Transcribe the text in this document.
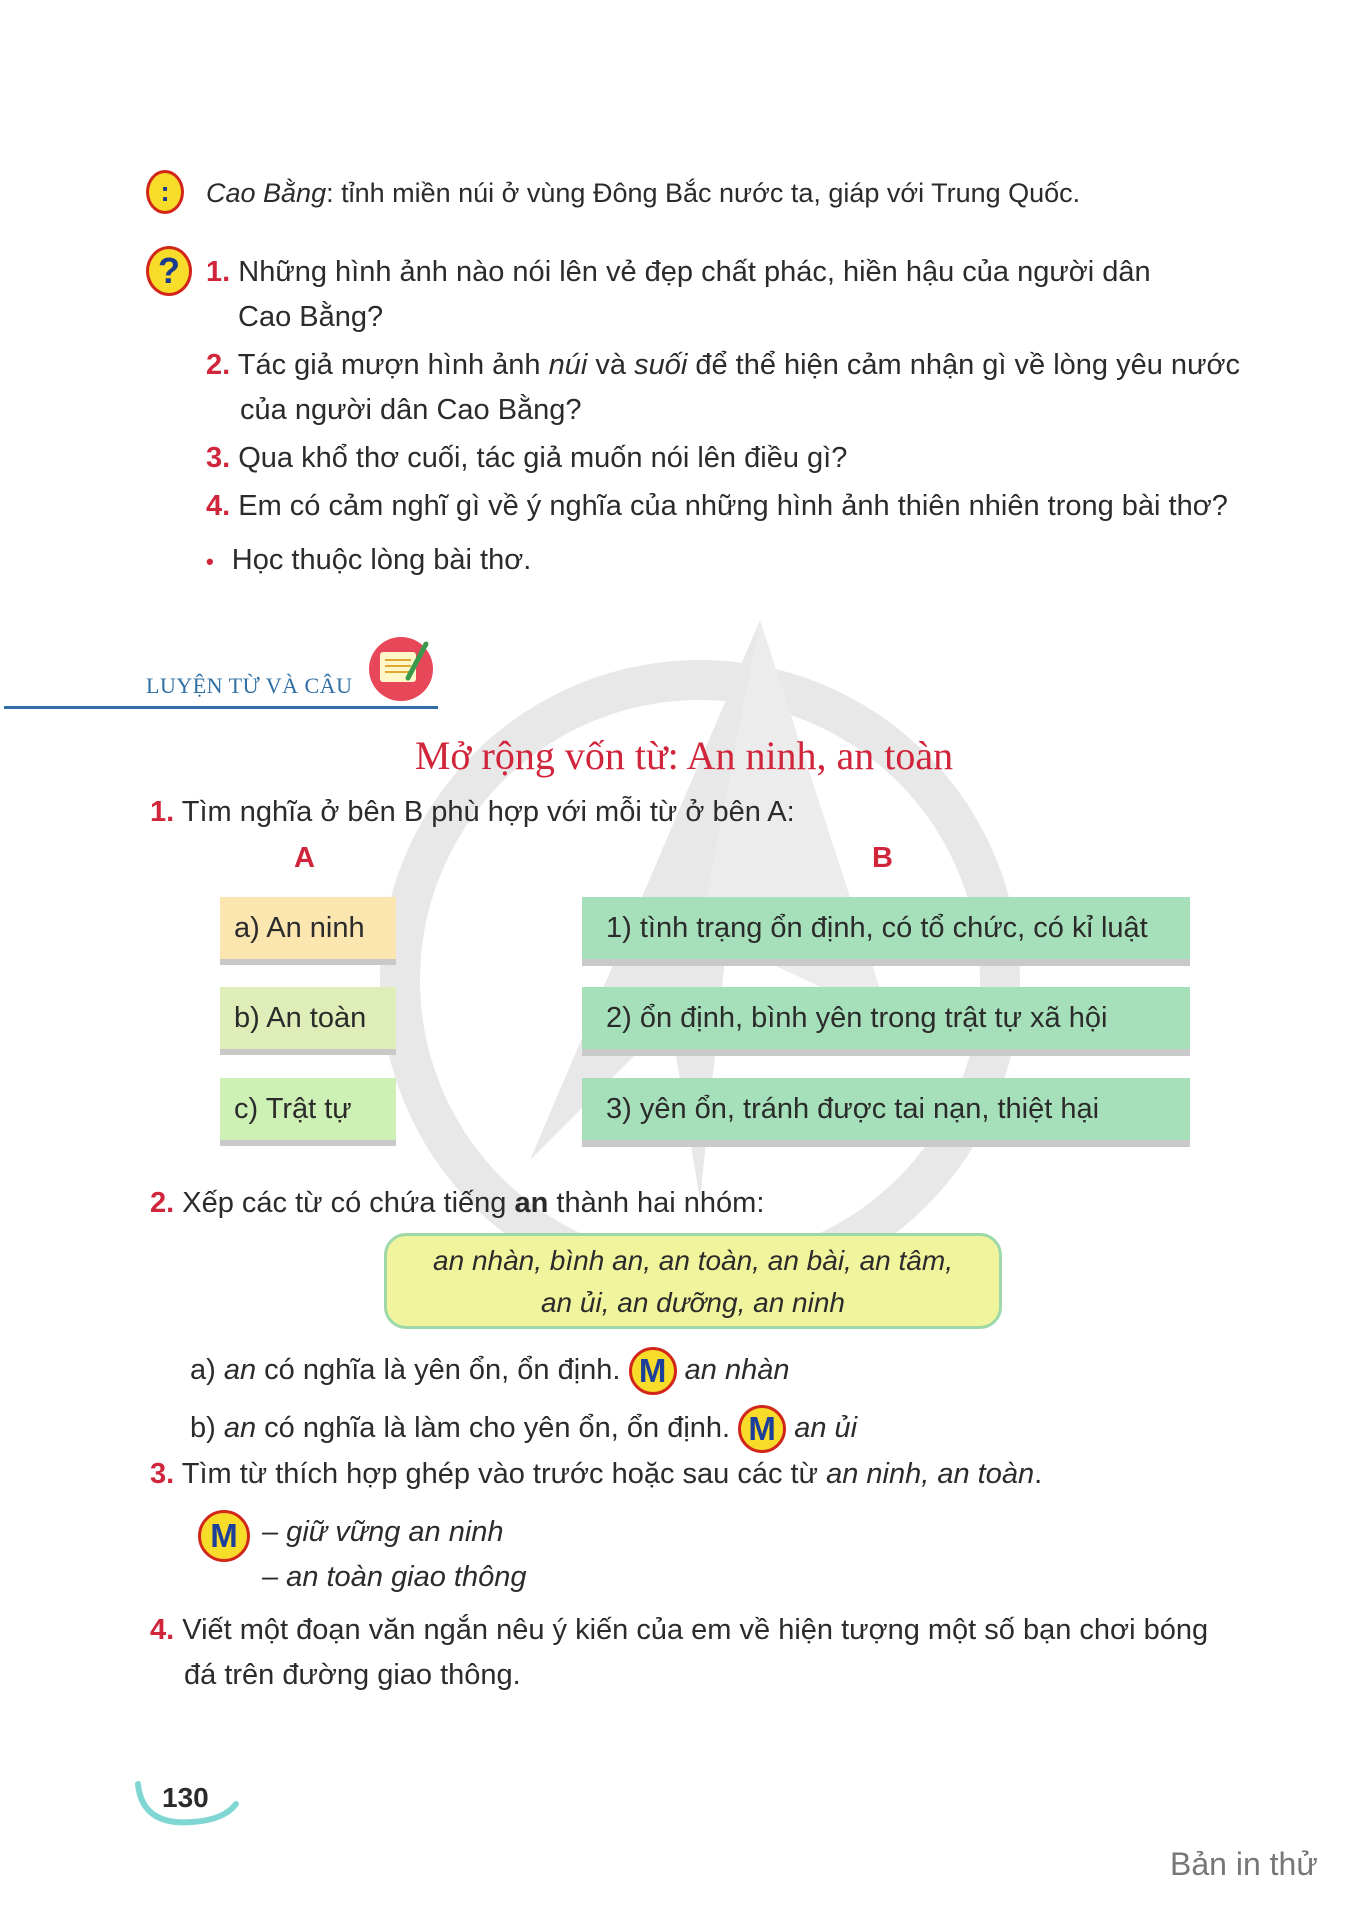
:	Cao Bằng: tỉnh miền núi ở vùng Đông Bắc nước ta, giáp với Trung Quốc.
? 1. Những hình ảnh nào nói lên vẻ đẹp chất phác, hiền hậu của người dân
Cao Bằng?
2. Tác giả mượn hình ảnh núi và suối để thể hiện cảm nhận gì về lòng yêu nước
của người dân Cao Bằng?
3. Qua khổ thơ cuối, tác giả muốn nói lên điều gì?
4. Em có cảm nghĩ gì về ý nghĩa của những hình ảnh thiên nhiên trong bài thơ?
• Học thuộc lòng bài thơ.
LUYỆN TỪ VÀ CÂU
Mở rộng vốn từ: An ninh, an toàn
1. Tìm nghĩa ở bên B phù hợp với mỗi từ ở bên A:
A	B
a) An ninh
b) An toàn
c) Trật tự
1) tình trạng ổn định, có tổ chức, có kỉ luật
2) ổn định, bình yên trong trật tự xã hội
3) yên ổn, tránh được tai nạn, thiệt hại
2. Xếp các từ có chứa tiếng an thành hai nhóm:
an nhàn, bình an, an toàn, an bài, an tâm,
an ủi, an dưỡng, an ninh
a) an có nghĩa là yên ổn, ổn định. M an nhàn
b) an có nghĩa là làm cho yên ổn, ổn định. M an ủi
3. Tìm từ thích hợp ghép vào trước hoặc sau các từ an ninh, an toàn.
M – giữ vững an ninh
– an toàn giao thông
4. Viết một đoạn văn ngắn nêu ý kiến của em về hiện tượng một số bạn chơi bóng
đá trên đường giao thông.
130
Bản in thử
